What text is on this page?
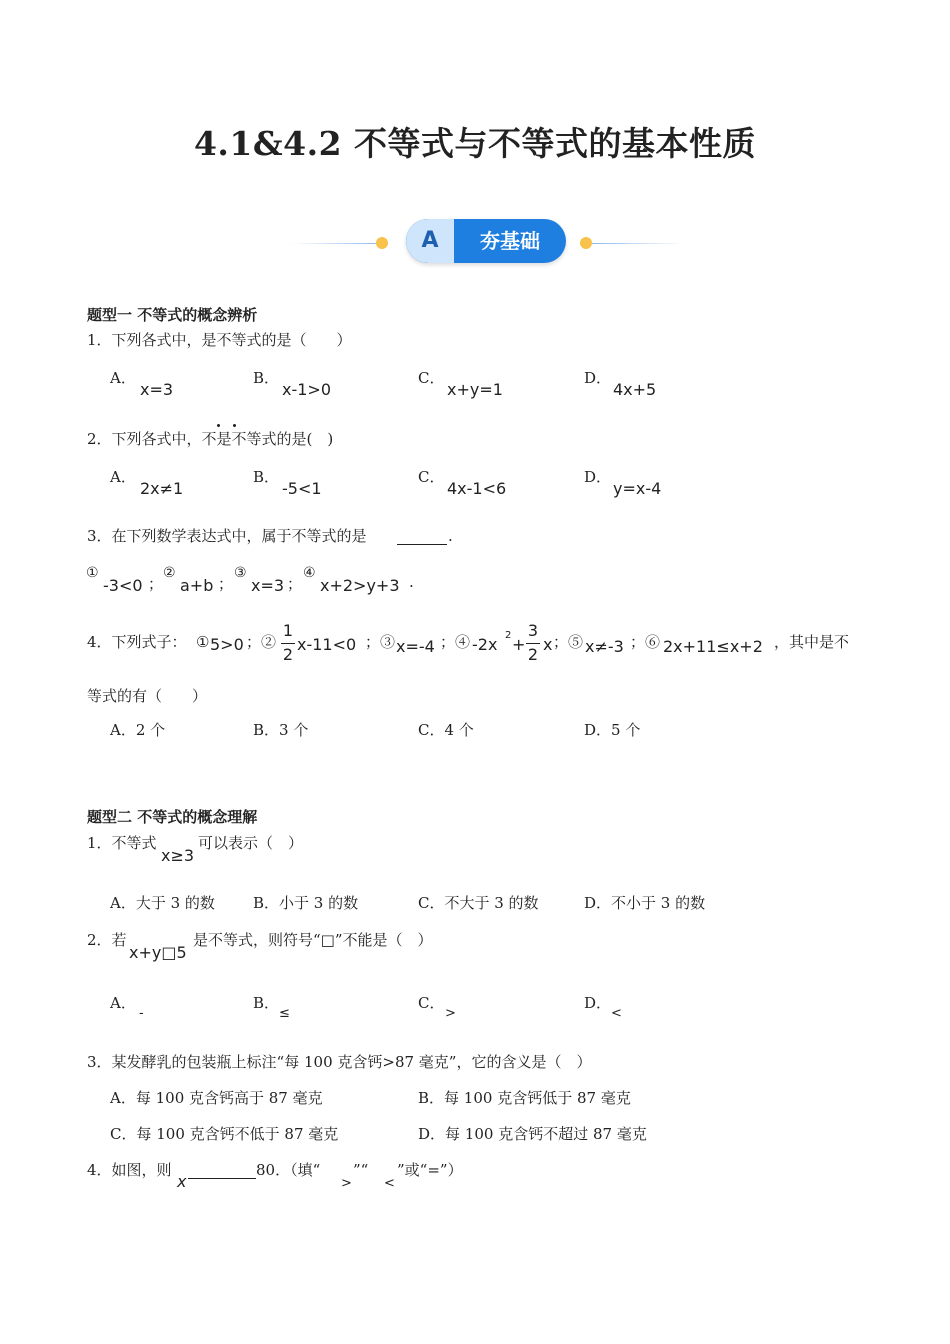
4.1&4.2 不等式与不等式的基本性质
A	夯基础
题型一 不等式的概念辨析
1．下列各式中，是不等式的是（　　）
A．
x=3
B．
x-1>0
C．
x+y=1
D．
4x+5
2．下列各式中，不是不等式的是(　)
A．
2x≠1
B．
-5<1
C．
4x-1<6
D．
y=x-4
3．在下列数学表达式中，属于不等式的是	.
①
-3<0 ；
②
a+b ；
③
x=3 ；
④
x+2>y+3 .
4．下列式子： ① 5>0 ；②
1
2
x-11<0 ；③ x=-4 ；④ -2x 2 +
3
2
x ；⑤ x≠-3 ；⑥ 2x+11≤x+2 ，其中是不
等式的有（　　）
A．2 个	B．3 个	C．4 个	D．5 个
题型二 不等式的概念理解
1．不等式
x≥3
可以表示（　）
A．大于 3 的数	B．小于 3 的数	C．不大于 3 的数	D．不小于 3 的数
2．若
x+y□5
是不等式，则符号“□”不能是（　）
A．
-
B．
≤
C．
>
D．
<
3．某发酵乳的包装瓶上标注“每 100 克含钙>87 毫克”，它的含义是（　）
A．每 100 克含钙高于 87 毫克	B．每 100 克含钙低于 87 毫克
C．每 100 克含钙不低于 87 毫克	D．每 100 克含钙不超过 87 毫克
4．如图，则
x
80．（填“
>
”“
<
”或“=”）
